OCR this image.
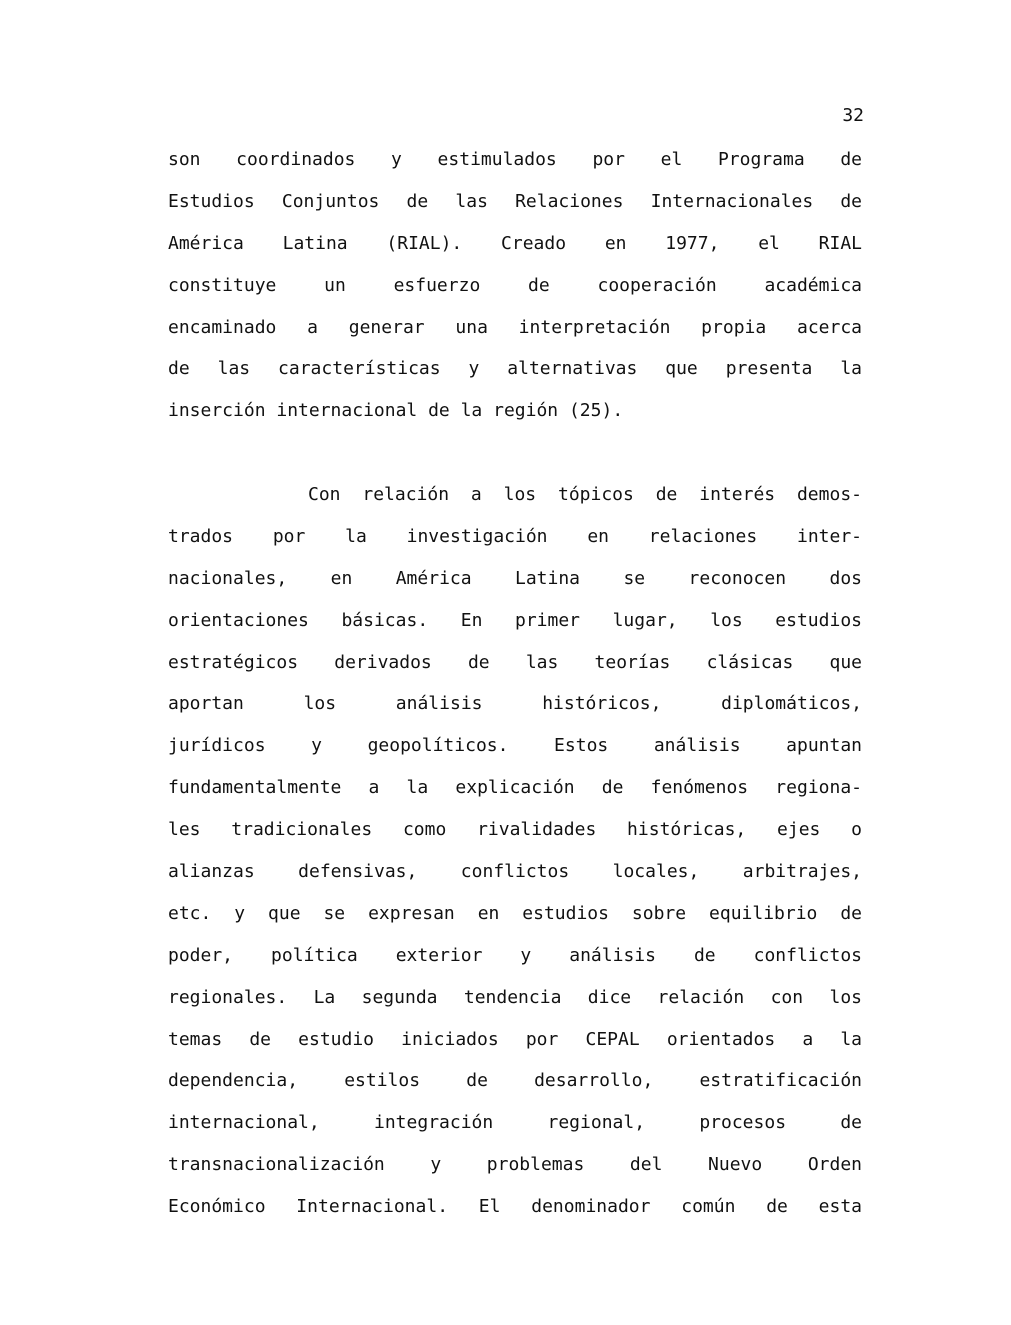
32
son coordinados y estimulados por el Programa de
Estudios Conjuntos de las Relaciones Internacionales de
América Latina (RIAL). Creado en 1977, el RIAL
constituye un esfuerzo de cooperación académica
encaminado a generar una interpretación propia acerca
de las características y alternativas que presenta la
inserción internacional de la región (25).
Con relación a los tópicos de interés demos-
trados por la investigación en relaciones inter-
nacionales, en América Latina se reconocen dos
orientaciones básicas. En primer lugar, los estudios
estratégicos derivados de las teorías clásicas que
aportan los análisis históricos, diplomáticos,
jurídicos y geopolíticos. Estos análisis apuntan
fundamentalmente a la explicación de fenómenos regiona-
les tradicionales como rivalidades históricas, ejes o
alianzas defensivas, conflictos locales, arbitrajes,
etc. y que se expresan en estudios sobre equilibrio de
poder, política exterior y análisis de conflictos
regionales. La segunda tendencia dice relación con los
temas de estudio iniciados por CEPAL orientados a la
dependencia, estilos de desarrollo, estratificación
internacional, integración regional, procesos de
transnacionalización y problemas del Nuevo Orden
Económico Internacional. El denominador común de esta
